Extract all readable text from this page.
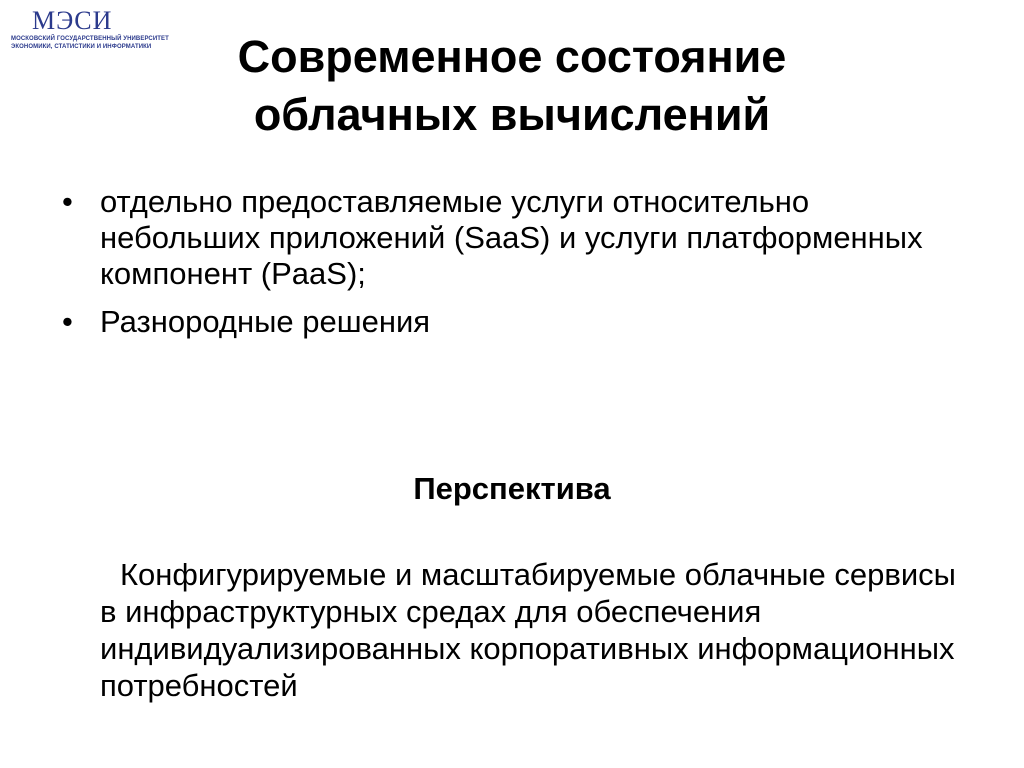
МЭСИ
МОСКОВСКИЙ ГОСУДАРСТВЕННЫЙ УНИВЕРСИТЕТ
ЭКОНОМИКИ, СТАТИСТИКИ И ИНФОРМАТИКИ	Современное состояние
облачных вычислений
• отдельно предоставляемые услуги относительно небольших приложений (SaaS) и услуги платформенных компонент (PaaS);
• Разнородные решения
Перспектива

Конфигурируемые и масштабируемые облачные сервисы в инфраструктурных средах для обеспечения индивидуализированных корпоративных информационных потребностей
